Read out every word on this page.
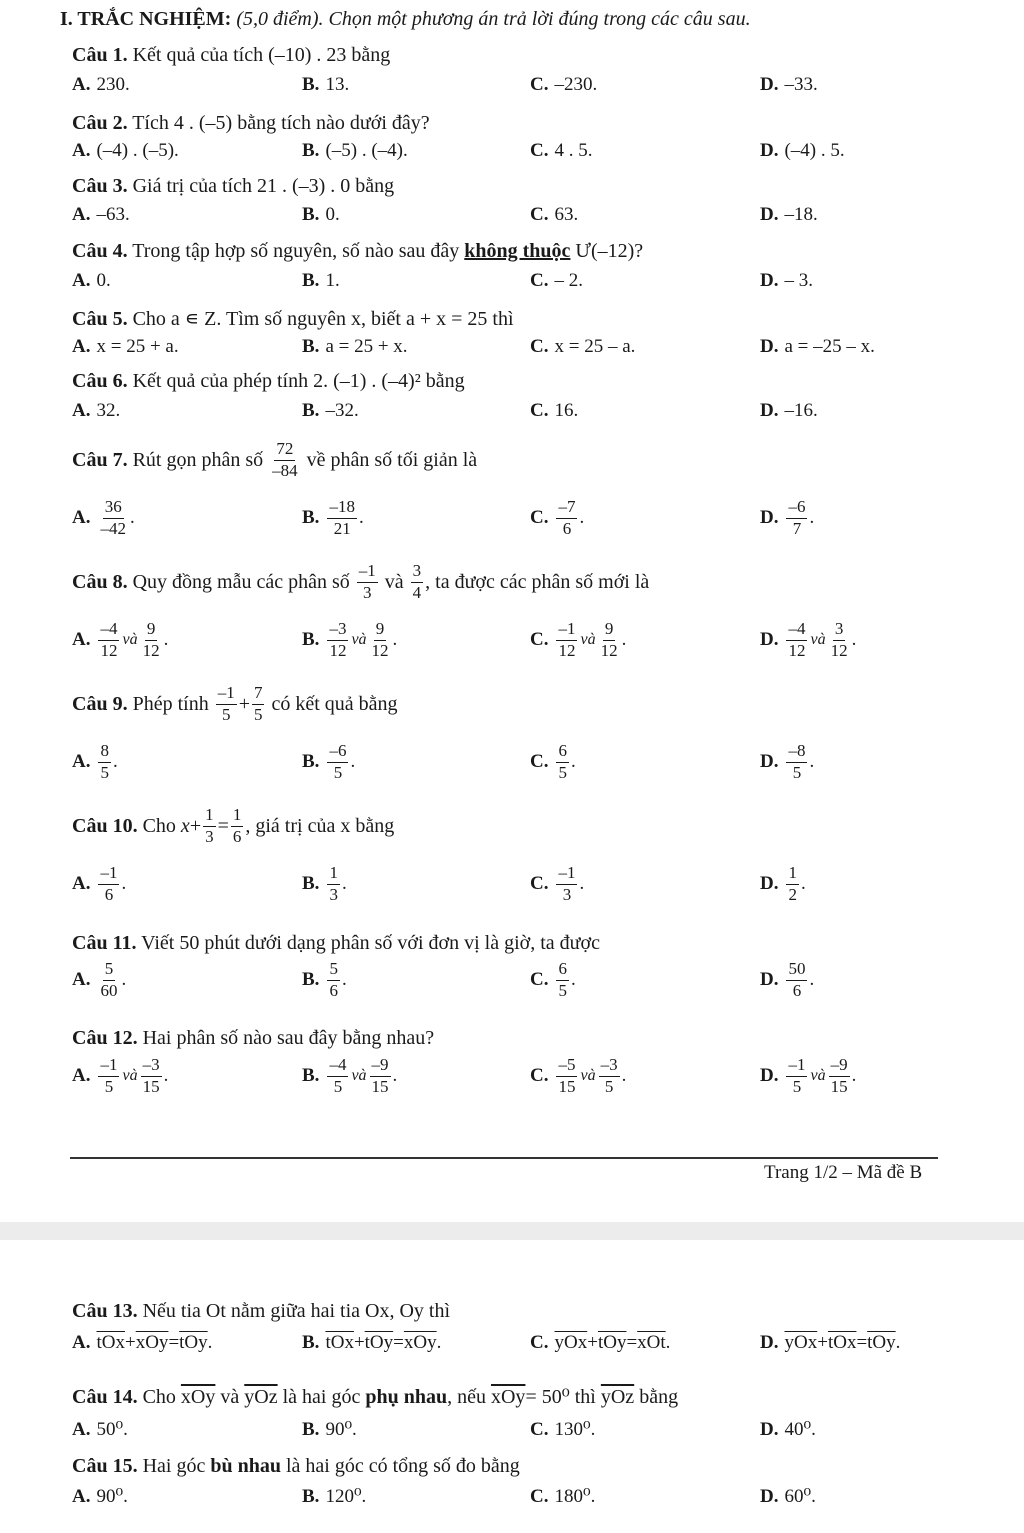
I. TRẮC NGHIỆM: (5,0 điểm). Chọn một phương án trả lời đúng trong các câu sau.
Câu 1. Kết quả của tích (–10) . 23 bằng
A. 230.	B. 13.	C. –230.	D. –33.
Câu 2. Tích 4 . (–5) bằng tích nào dưới đây?
A. (–4) . (–5).	B. (–5) . (–4).	C. 4 . 5.	D. (–4) . 5.
Câu 3. Giá trị của tích 21 . (–3) . 0 bằng
A. –63.	B. 0.	C. 63.	D. –18.
Câu 4. Trong tập hợp số nguyên, số nào sau đây không thuộc Ư(–12)?
A. 0.	B. 1.	C. – 2.	D. – 3.
Câu 5. Cho a ∊ Z. Tìm số nguyên x, biết a + x = 25 thì
A. x = 25 + a.	B. a = 25 + x.	C. x = 25 – a.	D. a = –25 – x.
Câu 6. Kết quả của phép tính 2. (–1) . (–4)² bằng
A. 32.	B. –32.	C. 16.	D. –16.
Câu 7.
Rút gọn phân số
$\frac{72}{-84}$
về phân số tối giản là
A. $\frac{36}{-42}$ .	B. $\frac{-18}{21}$ .	C. $\frac{-7}{6}$ .	D. $\frac{-6}{7}$ .
Câu 8.
Quy đồng mẫu các phân số
$\frac{-1}{3}$
và
$\frac{3}{4}$ , ta được các phân số mới là
A. $\frac{-4}{12}$ và $\frac{9}{12}$ .	B. $\frac{-3}{12}$ và $\frac{9}{12}$ .	C. $\frac{-1}{12}$ và $\frac{9}{12}$ .	D. $\frac{-4}{12}$ và $\frac{3}{12}$ .
Câu 9.
Phép tính
$\frac{-1}{5} + \frac{7}{5}$
có kết quả bằng
A. $\frac{8}{5}$ .	B. $\frac{-6}{5}$ .	C. $\frac{6}{5}$ .	D. $\frac{-8}{5}$ .
Câu 10.
Cho
$x + \frac{1}{3} = \frac{1}{6}$ , giá trị của x bằng
A. $\frac{-1}{6}$ .	B. $\frac{1}{3}$ .	C. $\frac{-1}{3}$ .	D. $\frac{1}{2}$ .
Câu 11. Viết 50 phút dưới dạng phân số với đơn vị là giờ, ta được
A. $\frac{5}{60}$ .	B. $\frac{5}{6}$ .	C. $\frac{6}{5}$ .	D. $\frac{50}{6}$ .
Câu 12. Hai phân số nào sau đây bằng nhau?
A. $\frac{-1}{5}$ và $\frac{-3}{15}$ .	B. $\frac{-4}{5}$ và $\frac{-9}{15}$ .	C. $\frac{-5}{15}$ và $\frac{-3}{5}$ .	D. $\frac{-1}{5}$ và $\frac{-9}{15}$ .
Trang 1/2 – Mã đề B
Câu 13. Nếu tia Ot nằm giữa hai tia Ox, Oy thì
A. $\overline{tOx} + \overline{xOy} = \overline{tOy}$ .	B. $\overline{tOx} + \overline{tOy} = \overline{xOy}$ .	C. $\overline{yOx} + \overline{tOy} = \overline{xOt}$ .	D. $\overline{yOx} + \overline{tOx} = \overline{tOy}$ .
Câu 14. Cho $\overline{xOy}$ và $\overline{yOz}$ là hai góc phụ nhau, nếu $\overline{xOy}= 50^0$ thì $\overline{yOz}$ bằng
A. 50⁰.	B. 90⁰.	C. 130⁰.	D. 40⁰.
Câu 15. Hai góc bù nhau là hai góc có tổng số đo bằng
A. 90⁰.	B. 120⁰.	C. 180⁰.	D. 60⁰.
